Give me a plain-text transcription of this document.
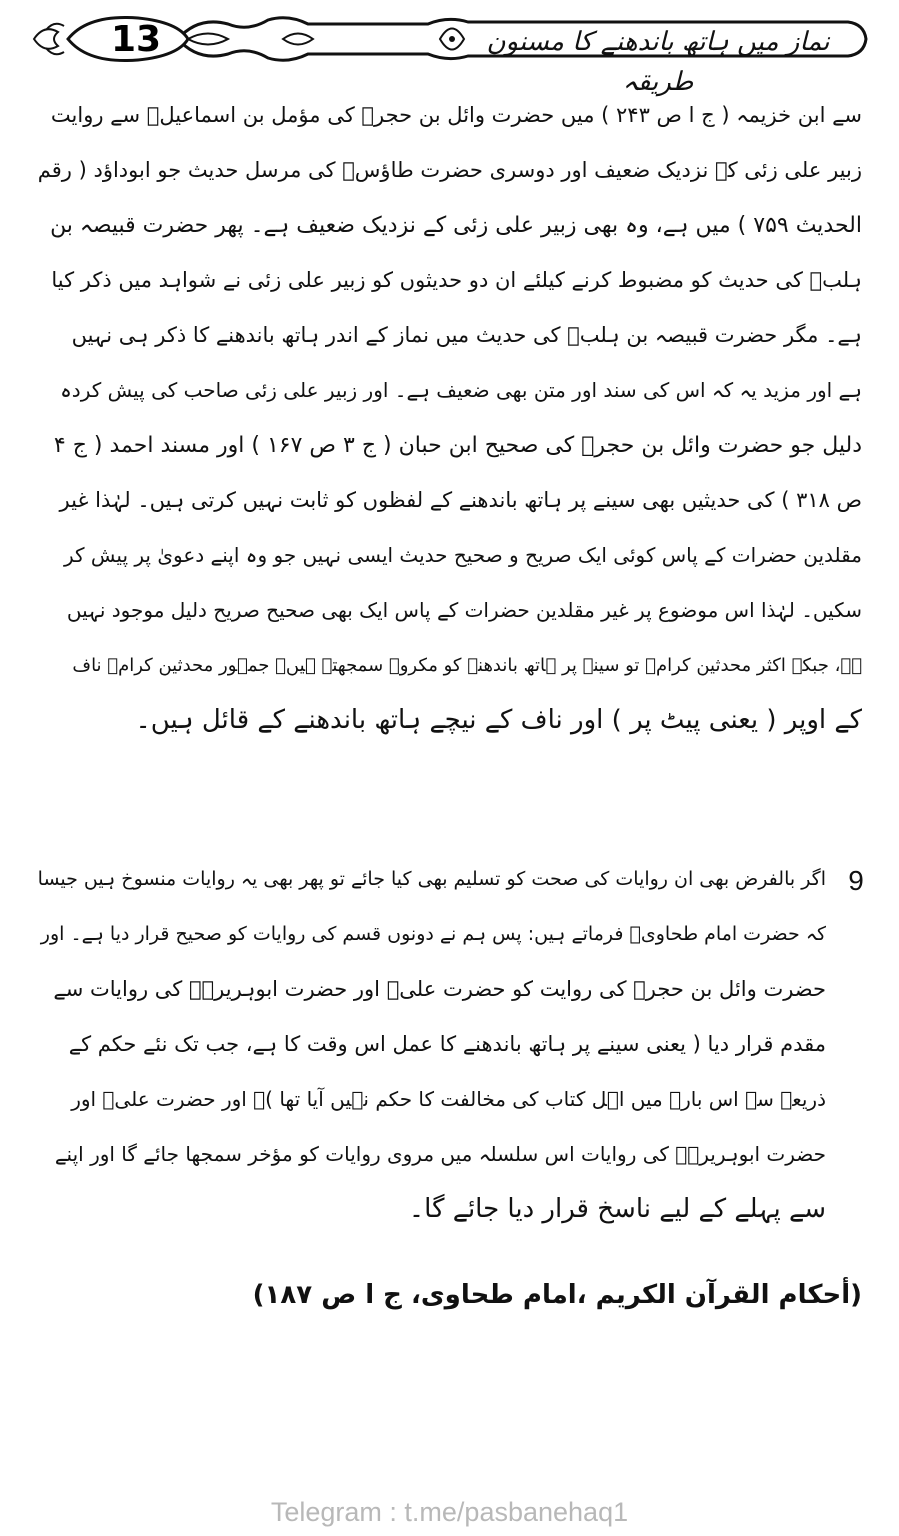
13	نماز میں ہاتھ باندھنے کا مسنون طریقہ
سے ابن خزیمہ ( ج ا ص ۲۴۳ ) میں حضرت وائل بن حجرؓ کی مؤمل بن اسماعیلؒ سے روایت
زبیر علی زئی کے نزدیک ضعیف اور دوسری حضرت طاؤسؒ کی مرسل حدیث جو ابوداؤد ( رقم
الحدیث ۷۵۹ ) میں ہے، وہ بھی زبیر علی زئی کے نزدیک ضعیف ہے۔ پھر حضرت قبیصہ بن
ہلبؓ کی حدیث کو مضبوط کرنے کیلئے ان دو حدیثوں کو زبیر علی زئی نے شواہد میں ذکر کیا
ہے۔ مگر حضرت قبیصہ بن ہلبؓ کی حدیث میں نماز کے اندر ہاتھ باندھنے کا ذکر ہی نہیں
ہے اور مزید یہ کہ اس کی سند اور متن بھی ضعیف ہے۔ اور زبیر علی زئی صاحب کی پیش کردہ
دلیل جو حضرت وائل بن حجرؓ کی صحیح ابن حبان ( ج ۳ ص ۱۶۷ ) اور مسند احمد ( ج ۴
ص ۳۱۸ ) کی حدیثیں بھی سینے پر ہاتھ باندھنے کے لفظوں کو ثابت نہیں کرتی ہیں۔ لہٰذا غیر
مقلدین حضرات کے پاس کوئی ایک صریح و صحیح حدیث ایسی نہیں جو وہ اپنے دعویٰ پر پیش کر
سکیں۔ لہٰذا اس موضوع پر غیر مقلدین حضرات کے پاس ایک بھی صحیح صریح دلیل موجود نہیں
ہے، جبکہ اکثر محدثین کرامؒ تو سینے پر ہاتھ باندھنے کو مکروہ سمجھتے ہیں۔ جمہور محدثین کرامؒ ناف
کے اوپر ( یعنی پیٹ پر ) اور ناف کے نیچے ہاتھ باندھنے کے قائل ہیں۔
9
اگر بالفرض بھی ان روایات کی صحت کو تسلیم بھی کیا جائے تو پھر بھی یہ روایات منسوخ ہیں جیسا
کہ حضرت امام طحاویؒ فرماتے ہیں: پس ہم نے دونوں قسم کی روایات کو صحیح قرار دیا ہے۔ اور
حضرت وائل بن حجرؓ کی روایت کو حضرت علیؓ اور حضرت ابوہریرہؓ کی روایات سے
مقدم قرار دیا ( یعنی سینے پر ہاتھ باندھنے کا عمل اس وقت کا ہے، جب تک نئے حکم کے
ذریعہ سے اس بارے میں اہل کتاب کی مخالفت کا حکم نہیں آیا تھا )۔ اور حضرت علیؓ اور
حضرت ابوہریرہؓ کی روایات اس سلسلہ میں مروی روایات کو مؤخر سمجھا جائے گا اور اپنے
سے پہلے کے لیے ناسخ قرار دیا جائے گا۔
(أحكام القرآن الكريم ،امام طحاوی، ج ا ص ۱۸۷)
Telegram : t.me/pasbanehaq1
